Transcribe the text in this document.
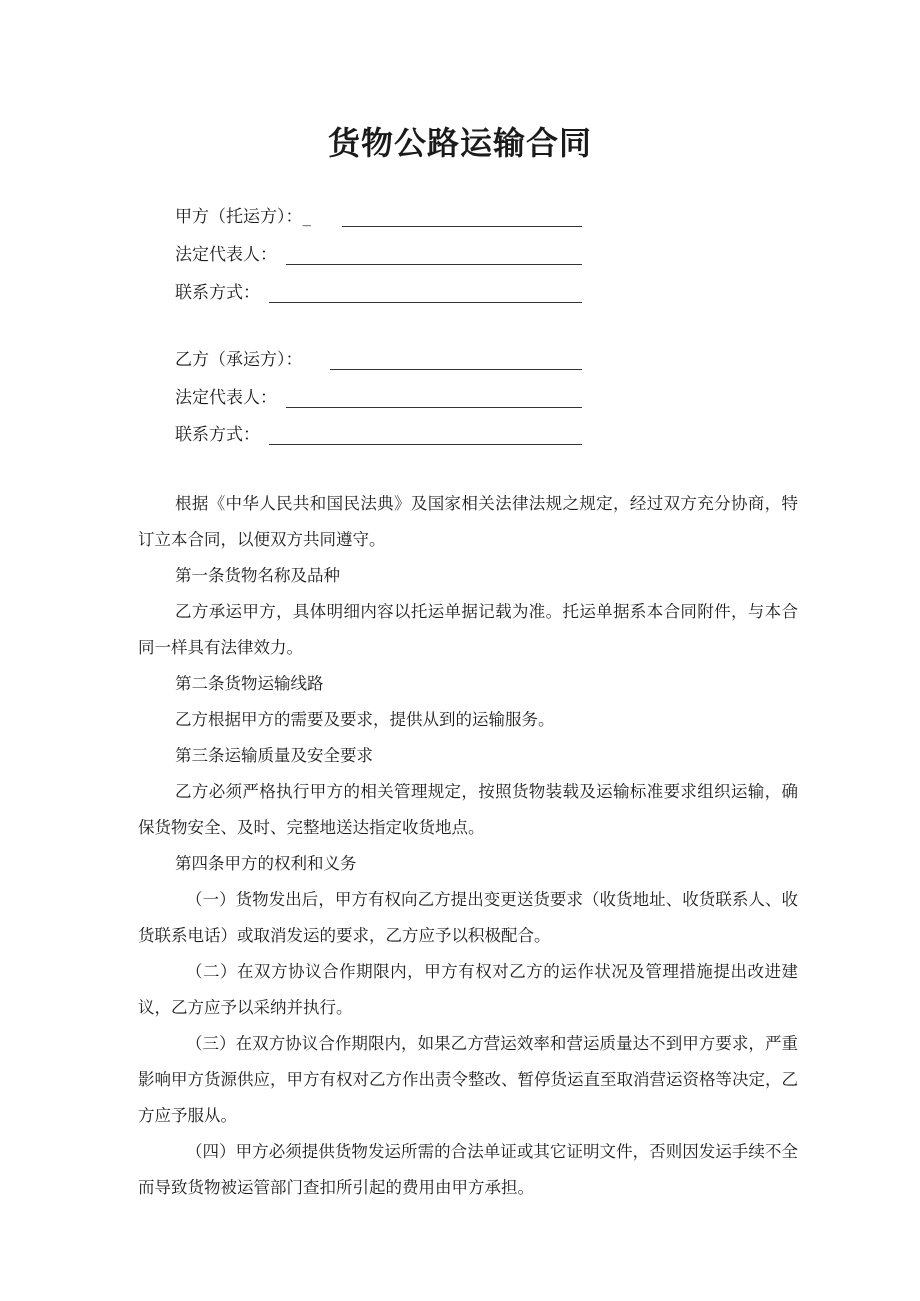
货物公路运输合同
甲方（托运方）：_
法定代表人：
联系方式：
乙方（承运方）：
法定代表人：
联系方式：

根据《中华人民共和国民法典》及国家相关法律法规之规定，经过双方充分协商，特订立本合同，以便双方共同遵守。

第一条货物名称及品种

乙方承运甲方，具体明细内容以托运单据记载为准。托运单据系本合同附件，与本合同一样具有法律效力。

第二条货物运输线路

乙方根据甲方的需要及要求，提供从到的运输服务。

第三条运输质量及安全要求

乙方必须严格执行甲方的相关管理规定，按照货物装载及运输标准要求组织运输，确保货物安全、及时、完整地送达指定收货地点。

第四条甲方的权利和义务

（一）货物发出后，甲方有权向乙方提出变更送货要求（收货地址、收货联系人、收货联系电话）或取消发运的要求，乙方应予以积极配合。

（二）在双方协议合作期限内，甲方有权对乙方的运作状况及管理措施提出改进建议，乙方应予以采纳并执行。

（三）在双方协议合作期限内，如果乙方营运效率和营运质量达不到甲方要求，严重影响甲方货源供应，甲方有权对乙方作出责令整改、暂停货运直至取消营运资格等决定，乙方应予服从。

（四）甲方必须提供货物发运所需的合法单证或其它证明文件，否则因发运手续不全而导致货物被运管部门查扣所引起的费用由甲方承担。
